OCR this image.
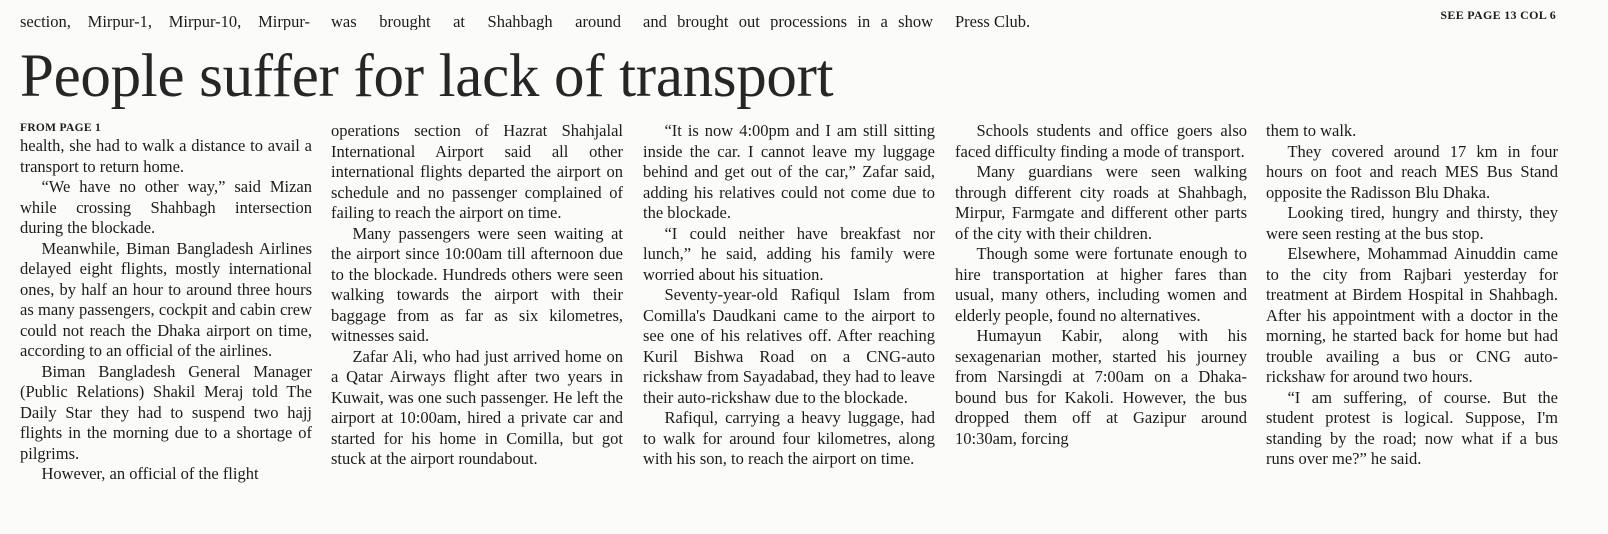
section, Mirpur-1, Mirpur-10, Mirpur-
was brought at Shahbagh around
and brought out processions in a show
Press Club.	SEE PAGE 13 COL 6
People suffer for lack of transport
FROM PAGE 1

health, she had to walk a distance to avail a transport to return home.

“We have no other way,” said Mizan while crossing Shahbagh intersection during the blockade.

Meanwhile, Biman Bangladesh Airlines delayed eight flights, mostly international ones, by half an hour to around three hours as many passengers, cockpit and cabin crew could not reach the Dhaka airport on time, according to an official of the airlines.

Biman Bangladesh General Manager (Public Relations) Shakil Meraj told The Daily Star they had to suspend two hajj flights in the morning due to a shortage of pilgrims.

However, an official of the flight

operations section of Hazrat Shahjalal International Airport said all other international flights departed the airport on schedule and no passenger complained of failing to reach the airport on time.

Many passengers were seen waiting at the airport since 10:00am till afternoon due to the blockade. Hundreds others were seen walking towards the airport with their baggage from as far as six kilometres, witnesses said.

Zafar Ali, who had just arrived home on a Qatar Airways flight after two years in Kuwait, was one such passenger. He left the airport at 10:00am, hired a private car and started for his home in Comilla, but got stuck at the airport roundabout.

“It is now 4:00pm and I am still sitting inside the car. I cannot leave my luggage behind and get out of the car,” Zafar said, adding his relatives could not come due to the blockade.

“I could neither have breakfast nor lunch,” he said, adding his family were worried about his situation.

Seventy-year-old Rafiqul Islam from Comilla's Daudkani came to the airport to see one of his relatives off. After reaching Kuril Bishwa Road on a CNG-auto rickshaw from Sayadabad, they had to leave their auto-rickshaw due to the blockade.

Rafiqul, carrying a heavy luggage, had to walk for around four kilometres, along with his son, to reach the airport on time.

Schools students and office goers also faced difficulty finding a mode of transport.

Many guardians were seen walking through different city roads at Shahbagh, Mirpur, Farmgate and different other parts of the city with their children.

Though some were fortunate enough to hire transportation at higher fares than usual, many others, including women and elderly people, found no alternatives.

Humayun Kabir, along with his sexagenarian mother, started his journey from Narsingdi at 7:00am on a Dhaka-bound bus for Kakoli. However, the bus dropped them off at Gazipur around 10:30am, forcing

them to walk.

They covered around 17 km in four hours on foot and reach MES Bus Stand opposite the Radisson Blu Dhaka.

Looking tired, hungry and thirsty, they were seen resting at the bus stop.

Elsewhere, Mohammad Ainuddin came to the city from Rajbari yesterday for treatment at Birdem Hospital in Shahbagh. After his appointment with a doctor in the morning, he started back for home but had trouble availing a bus or CNG auto-rickshaw for around two hours.

“I am suffering, of course. But the student protest is logical. Suppose, I'm standing by the road; now what if a bus runs over me?” he said.
